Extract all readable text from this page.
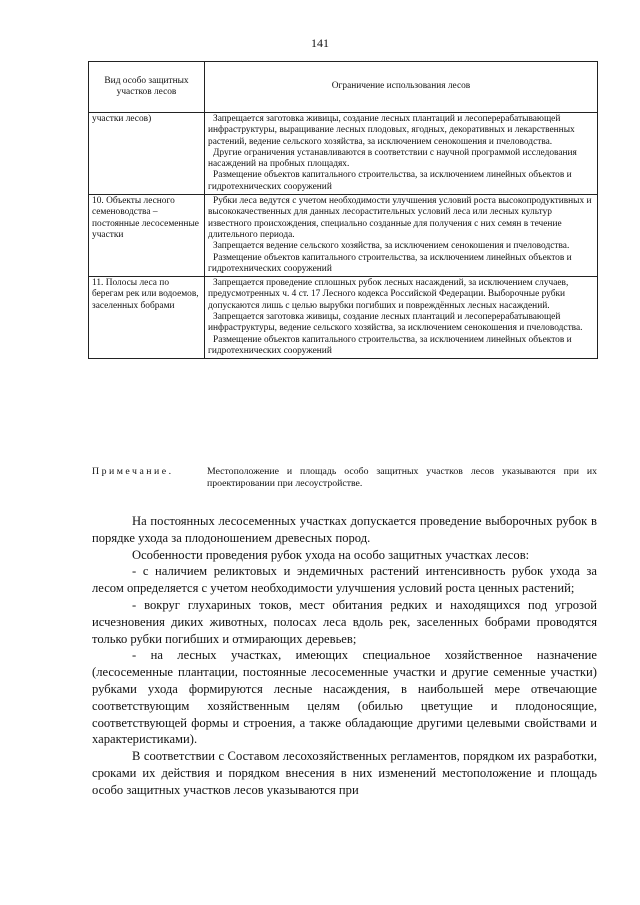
141
Вид особо защитных участков лесов	Ограничение использования лесов
участки лесов)	Запрещается заготовка живицы, создание лесных плантаций и лесоперерабатывающей инфраструктуры, выращивание лесных плодовых, ягодных, декоративных и лекарственных растений, ведение сельского хозяйства, за исключением сенокошения и пчеловодства.

Другие ограничения устанавливаются в соответствии с научной программой исследования насаждений на пробных площадях.

Размещение объектов капитального строительства, за исключением линейных объектов и гидротехнических сооружений

10. Объекты лесного семеноводства – постоянные лесосеменные участки	Рубки леса ведутся с учетом необходимости улучшения условий роста высокопродуктивных и высококачественных для данных лесорастительных условий леса или лесных культур известного происхождения, специально созданные для получения с них семян в течение длительного периода.

Запрещается ведение сельского хозяйства, за исключением сенокошения и пчеловодства.

Размещение объектов капитального строительства, за исключением линейных объектов и гидротехнических сооружений

11. Полосы леса по берегам рек или водоемов, заселенных бобрами	Запрещается проведение сплошных рубок лесных насаждений, за исключением случаев, предусмотренных ч. 4 ст. 17 Лесного кодекса Российской Федерации. Выборочные рубки допускаются лишь с целью вырубки погибших и повреждённых лесных насаждений.

Запрещается заготовка живицы, создание лесных плантаций и лесоперерабатывающей инфраструктуры, ведение сельского хозяйства, за исключением сенокошения и пчеловодства.

Размещение объектов капитального строительства, за исключением линейных объектов и гидротехнических сооружений

Примечание.	Местоположение и площадь особо защитных участков лесов указываются при их проектировании при лесоустройстве.

На постоянных лесосеменных участках допускается проведение выборочных рубок в порядке ухода за плодоношением древесных пород.

Особенности проведения рубок ухода на особо защитных участках лесов:

- с наличием реликтовых и эндемичных растений интенсивность рубок ухода за лесом определяется с учетом необходимости улучшения условий роста ценных растений;

- вокруг глухариных токов, мест обитания редких и находящихся под угрозой исчезновения диких животных, полосах леса вдоль рек, заселенных бобрами проводятся только рубки погибших и отмирающих деревьев;

- на лесных участках, имеющих специальное хозяйственное назначение (лесосеменные плантации, постоянные лесосеменные участки и другие семенные участки) рубками ухода формируются лесные насаждения, в наибольшей мере отвечающие соответствующим хозяйственным целям (обилью цветущие и плодоносящие, соответствующей формы и строения, а также обладающие другими целевыми свойствами и характеристиками).

В соответствии с Составом лесохозяйственных регламентов, порядком их разработки, сроками их действия и порядком внесения в них изменений местоположение и площадь особо защитных участков лесов указываются при
